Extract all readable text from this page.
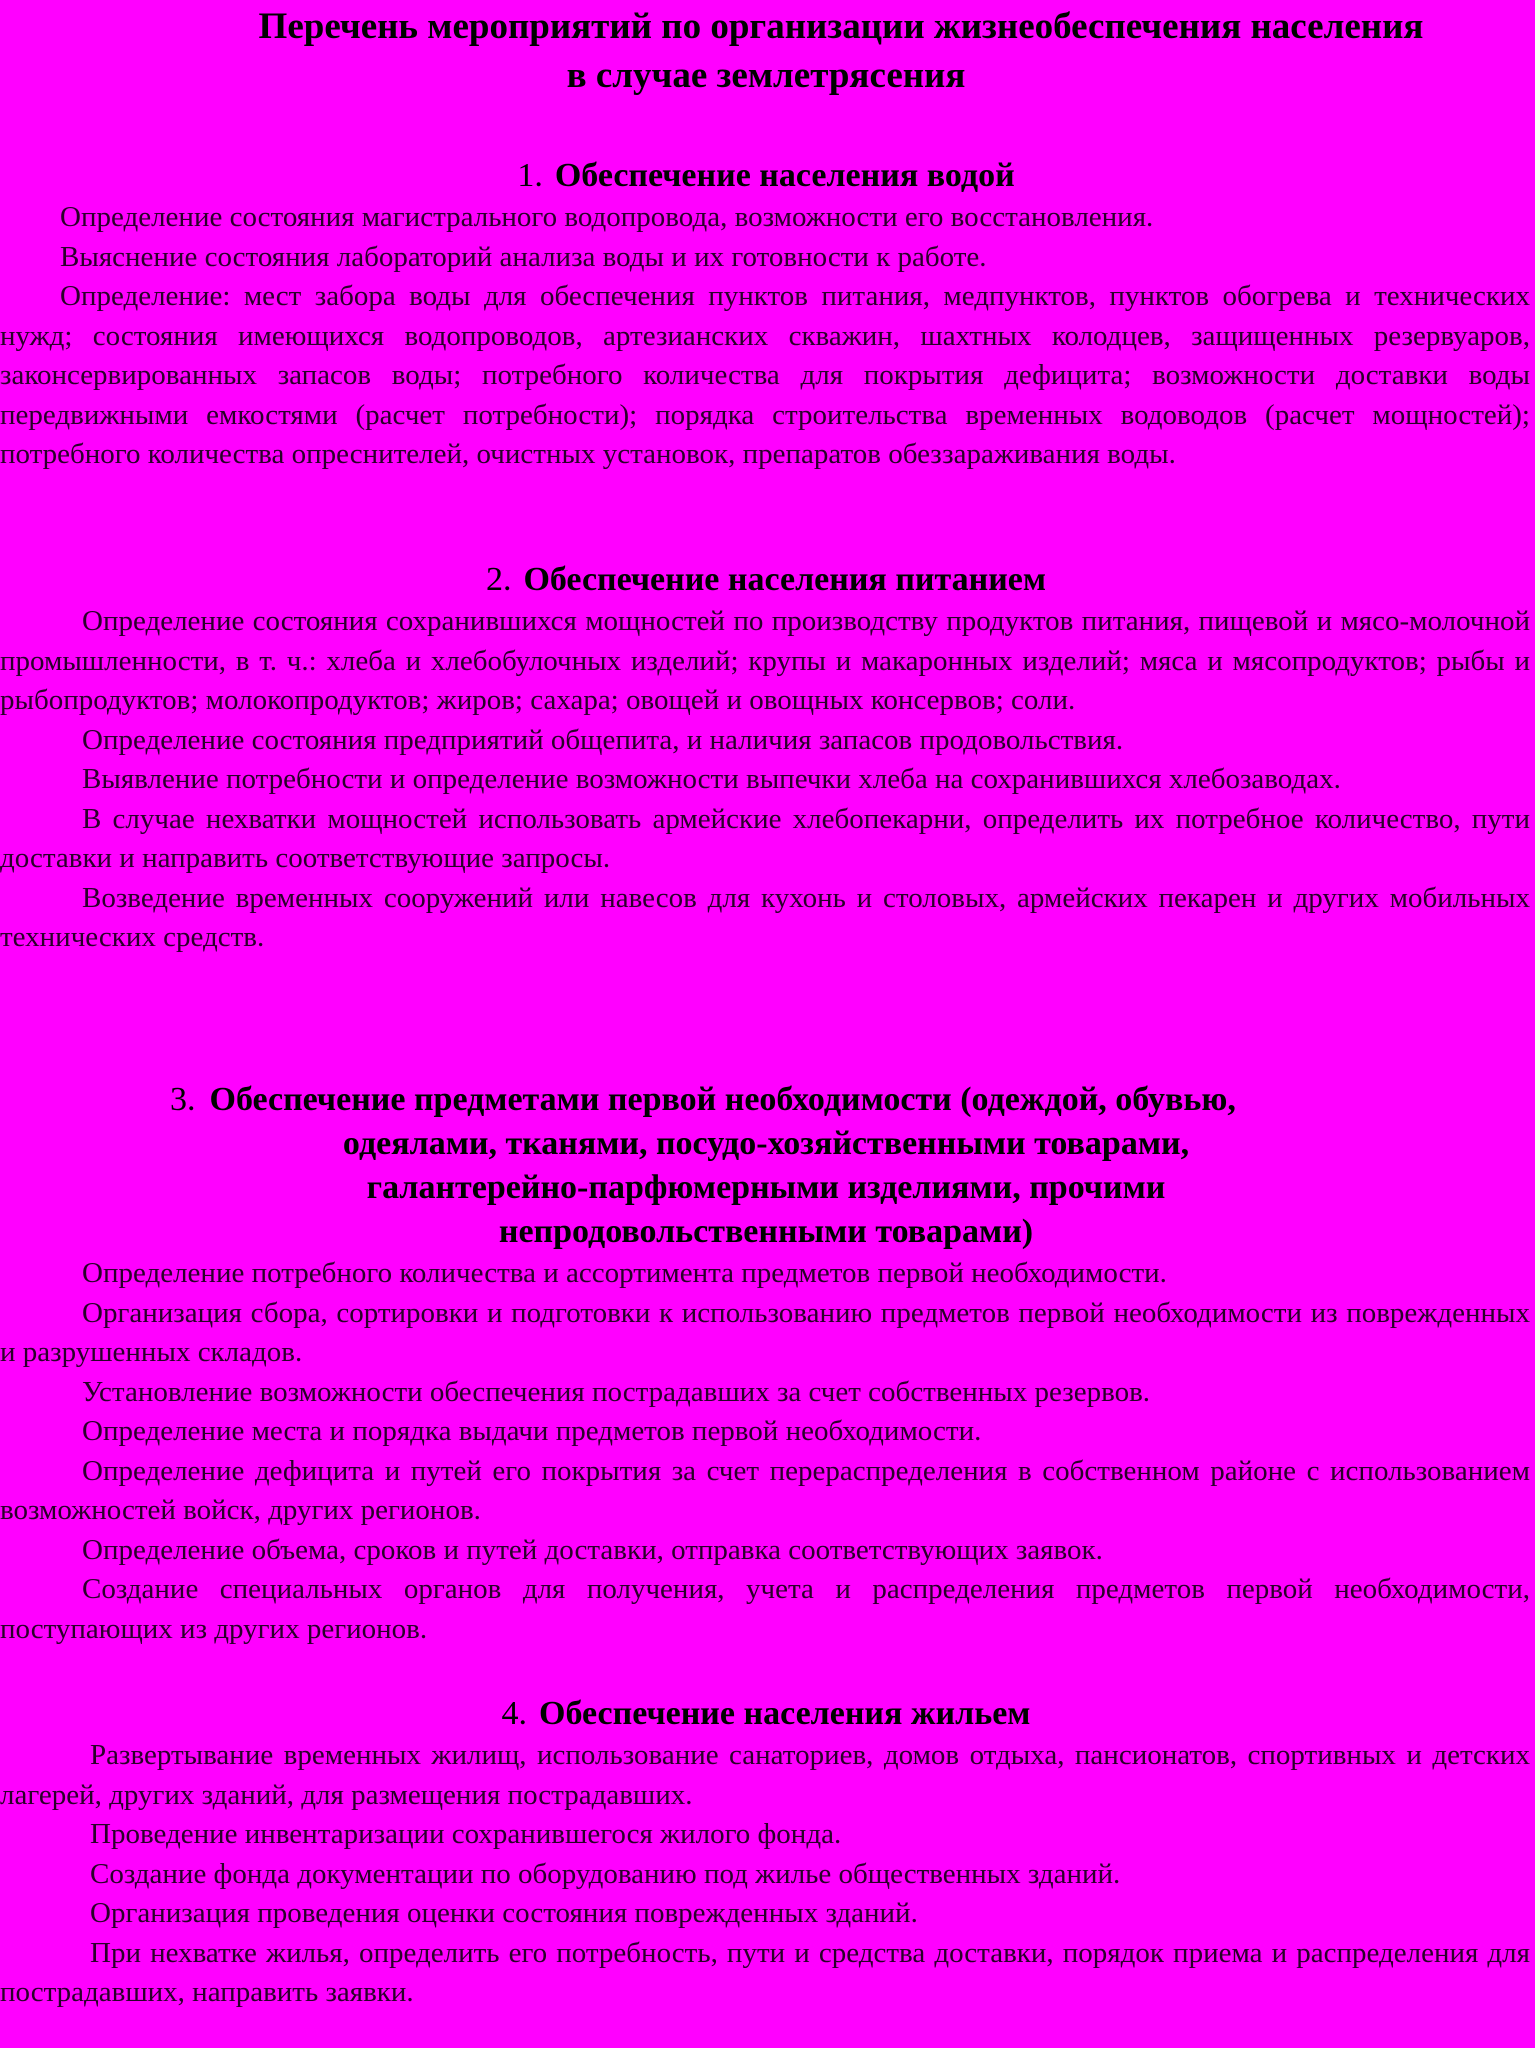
Перечень мероприятий по организации жизнеобеспечения населения
в случае землетрясения
1. Обеспечение населения водой

Определение состояния магистрального водопровода, возможности его восстановления.

Выяснение состояния лабораторий анализа воды и их готовности к работе.

Определение: мест забора воды для обеспечения пунктов питания, медпунктов, пунктов обогрева и технических нужд; состояния имеющихся водопроводов, артезианских скважин, шахтных колодцев, защищенных резервуаров, законсервированных запасов воды; потребного количества для покрытия дефицита; возможности доставки воды передвижными емкостями (расчет потребности); порядка строительства временных водоводов (расчет мощностей); потребного количества опреснителей, очистных установок, препаратов обеззараживания воды.

2. Обеспечение населения питанием

Определение состояния сохранившихся мощностей по производству продуктов питания, пищевой и мясо-молочной промышленности, в т. ч.: хлеба и хлебобулочных изделий; крупы и макаронных изделий; мяса и мясопродуктов; рыбы и рыбопродуктов; молокопродуктов; жиров; сахара; овощей и овощных консервов; соли.

Определение состояния предприятий общепита, и наличия запасов продовольствия.

Выявление потребности и определение возможности выпечки хлеба на сохранившихся хлебозаводах.

В случае нехватки мощностей использовать армейские хлебопекарни, определить их потребное количество, пути доставки и направить соответствующие запросы.

Возведение временных сооружений или навесов для кухонь и столовых, армейских пекарен и других мобильных технических средств.

3. Обеспечение предметами первой необходимости (одеждой, обувью,
одеялами, тканями, посудо-хозяйственными товарами,
галантерейно-парфюмерными изделиями, прочими
непродовольственными товарами)

Определение потребного количества и ассортимента предметов первой необходимости.

Организация сбора, сортировки и подготовки к использованию предметов первой необходимости из поврежденных и разрушенных складов.

Установление возможности обеспечения пострадавших за счет собственных резервов.

Определение места и порядка выдачи предметов первой необходимости.

Определение дефицита и путей его покрытия за счет перераспределения в собственном районе с использованием возможностей войск, других регионов.

Определение объема, сроков и путей доставки, отправка соответствующих заявок.

Создание специальных органов для получения, учета и распределения предметов первой необходимости, поступающих из других регионов.

4. Обеспечение населения жильем

Развертывание временных жилищ, использование санаториев, домов отдыха, пансионатов, спортивных и детских лагерей, других зданий, для размещения пострадавших.

Проведение инвентаризации сохранившегося жилого фонда.

Создание фонда документации по оборудованию под жилье общественных зданий.

Организация проведения оценки состояния поврежденных зданий.

При нехватке жилья, определить его потребность, пути и средства доставки, порядок приема и распределения для пострадавших, направить заявки.
